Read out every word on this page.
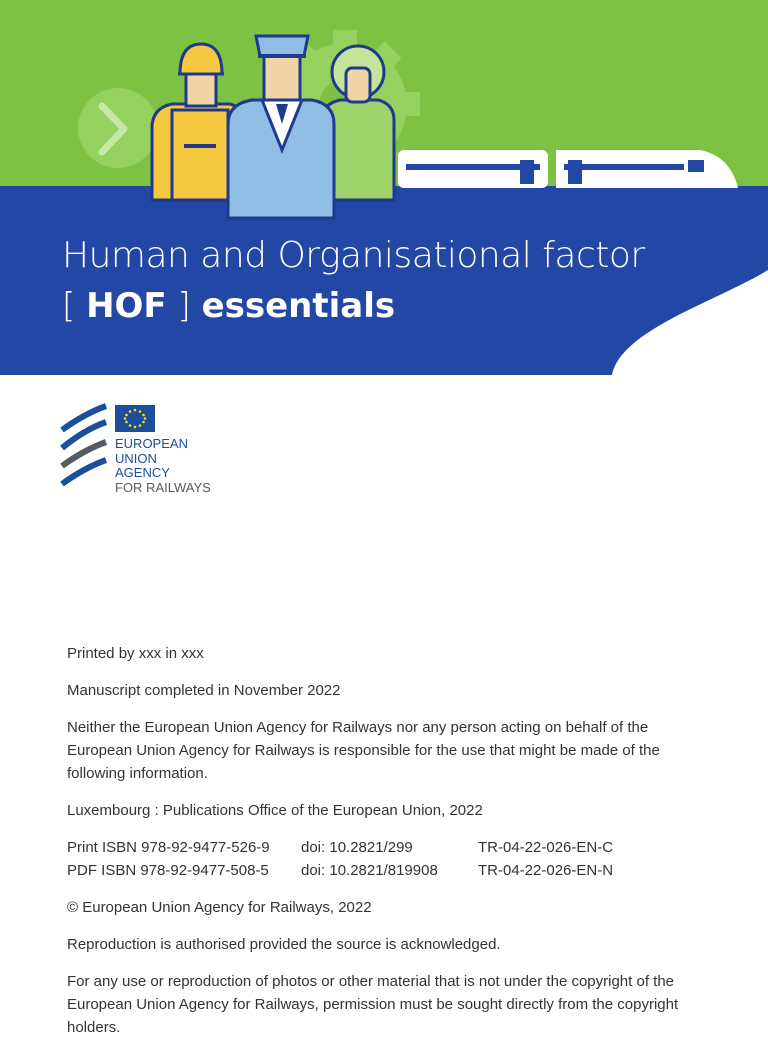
Human and Organisational factor
[ HOF ] essentials
EUROPEAN
UNION
AGENCY
FOR RAILWAYS

Printed by xxx in xxx

Manuscript completed in November 2022

Neither the European Union Agency for Railways nor any person acting on behalf of the European Union Agency for Railways is responsible for the use that might be made of the following information.

Luxembourg : Publications Office of the European Union, 2022

Print ISBN 978-92-9477-526-9	doi: 10.2821/299	TR-04-22-026-EN-C
PDF ISBN 978-92-9477-508-5	doi: 10.2821/819908	TR-04-22-026-EN-N

© European Union Agency for Railways, 2022

Reproduction is authorised provided the source is acknowledged.

For any use or reproduction of photos or other material that is not under the copyright of the European Union Agency for Railways, permission must be sought directly from the copyright holders.
